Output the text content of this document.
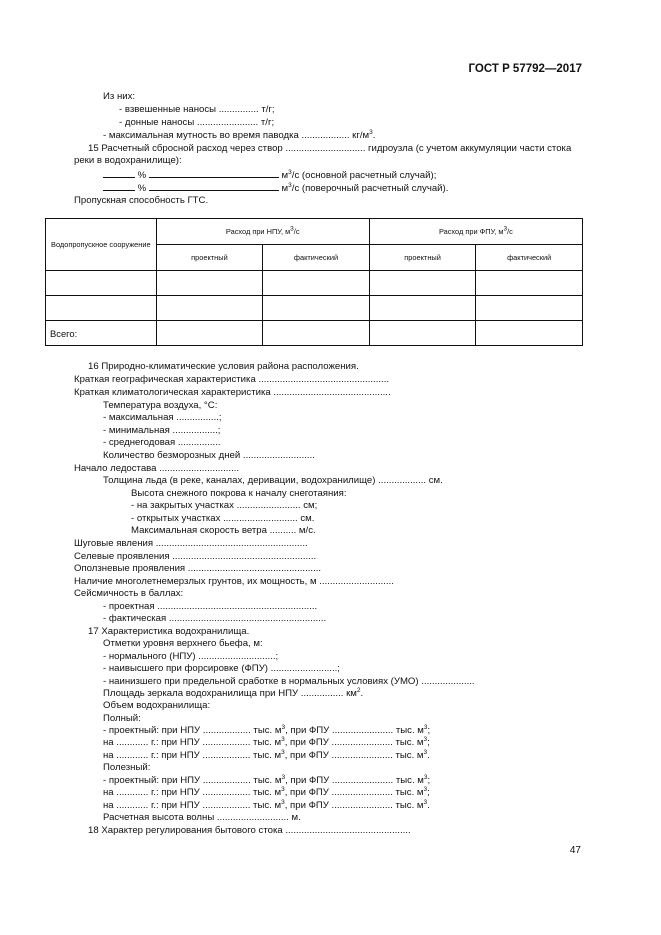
ГОСТ Р 57792—2017
Из них:
- взвешенные наносы ............... т/г;
- донные наносы ....................... т/г;
- максимальная мутность во время паводка .................. $кг/м^3$.
15 Расчетный сбросной расход через створ .............................. гидроузла (с учетом аккумуляции части стока
реки в водохранилище):
%	$м^3/с$ (основной расчетный случай);
%	$м^3/с$ (поверочный расчетный случай).
Пропускная способность ГТС.
Водопропускное сооружение	Расход при НПУ, $м^3/с$		Расход при ФПУ, $м^3/с$	
	проектный	фактический	проектный	фактический

Всего:				
16 Природно-климатические условия района расположения.
Краткая географическая характеристика .................................................
Краткая климатологическая характеристика ............................................
Температура воздуха, °С:
- максимальная ................;
- минимальная .................;
- среднегодовая ................
Количество безморозных дней ...........................
Начало ледостава ..............................
Толщина льда (в реке, каналах, деривации, водохранилище) .................. см.
Высота снежного покрова к началу снеготаяния:
- на закрытых участках ........................ см;
- открытых участках ............................ см.
Максимальная скорость ветра .......... м/с.
Шуговые явления .........................................................
Селевые проявления ......................................................
Оползневые проявления ..................................................
Наличие многолетнемерзлых грунтов, их мощность, м ............................
Сейсмичность в баллах:
- проектная ............................................................
- фактическая ...........................................................
17 Характеристика водохранилища.
Отметки уровня верхнего бьефа, м:
- нормального (НПУ) .............................;
- наивысшего при форсировке (ФПУ) .........................;
- наинизшего при предельной сработке в нормальных условиях (УМО) ....................
Площадь зеркала водохранилища при НПУ ................ $км^2$.
Объем водохранилища:
Полный:
- проектный: при НПУ .................. тыс. $м^3$, при ФПУ ....................... тыс. $м^3$;
на ............ г.: при НПУ .................. тыс. $м^3$, при ФПУ ....................... тыс. $м^3$;
на ............ г.: при НПУ .................. тыс. $м^3$, при ФПУ ....................... тыс. $м^3$.
Полезный:
- проектный: при НПУ .................. тыс. $м^3$, при ФПУ ....................... тыс. $м^3$;
на ............ г.: при НПУ .................. тыс. $м^3$, при ФПУ ....................... тыс. $м^3$;
на ............ г.: при НПУ .................. тыс. $м^3$, при ФПУ ....................... тыс. $м^3$.
Расчетная высота волны ........................... м.
18 Характер регулирования бытового стока ...............................................
47
